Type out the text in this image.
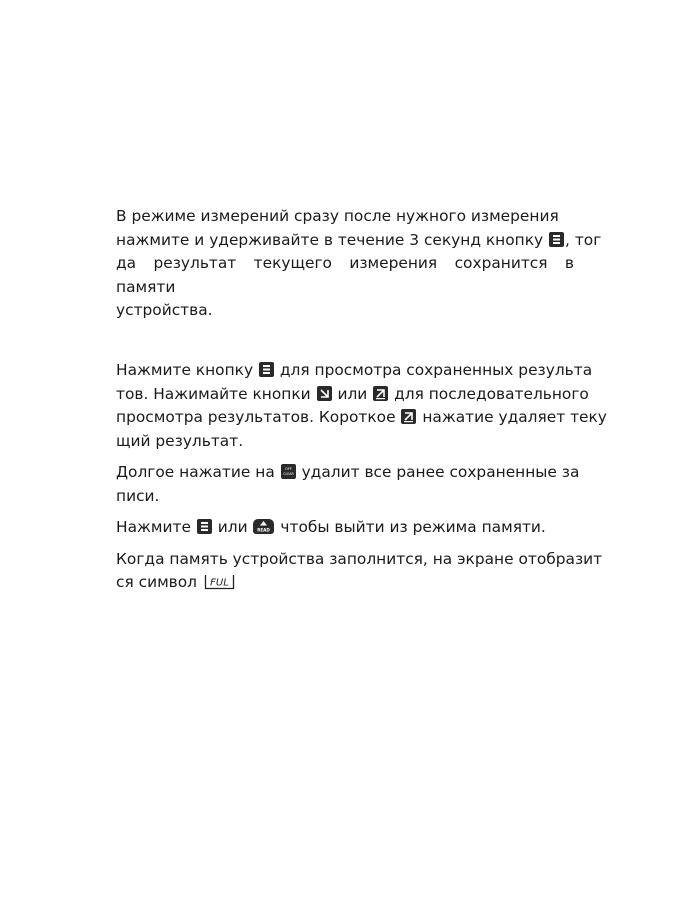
В режиме измерений сразу после нужного измерения

нажмите и удерживайте в течение 3 секунд кнопку , тог

да результат текущего измерения сохранится в памяти

устройства.

Нажмите кнопку для просмотра сохраненных результа
тов. Нажимайте кнопки или для последовательного
просмотра результатов. Короткое нажатие удаляет теку
щий результат.

Долгое нажатие на	OFF
CLEAR удалит все ранее сохраненные за
писи.

Нажмите или READ чтобы выйти из режима памяти.

Когда память устройства заполнится, на экране отобразит
ся символ FUL
